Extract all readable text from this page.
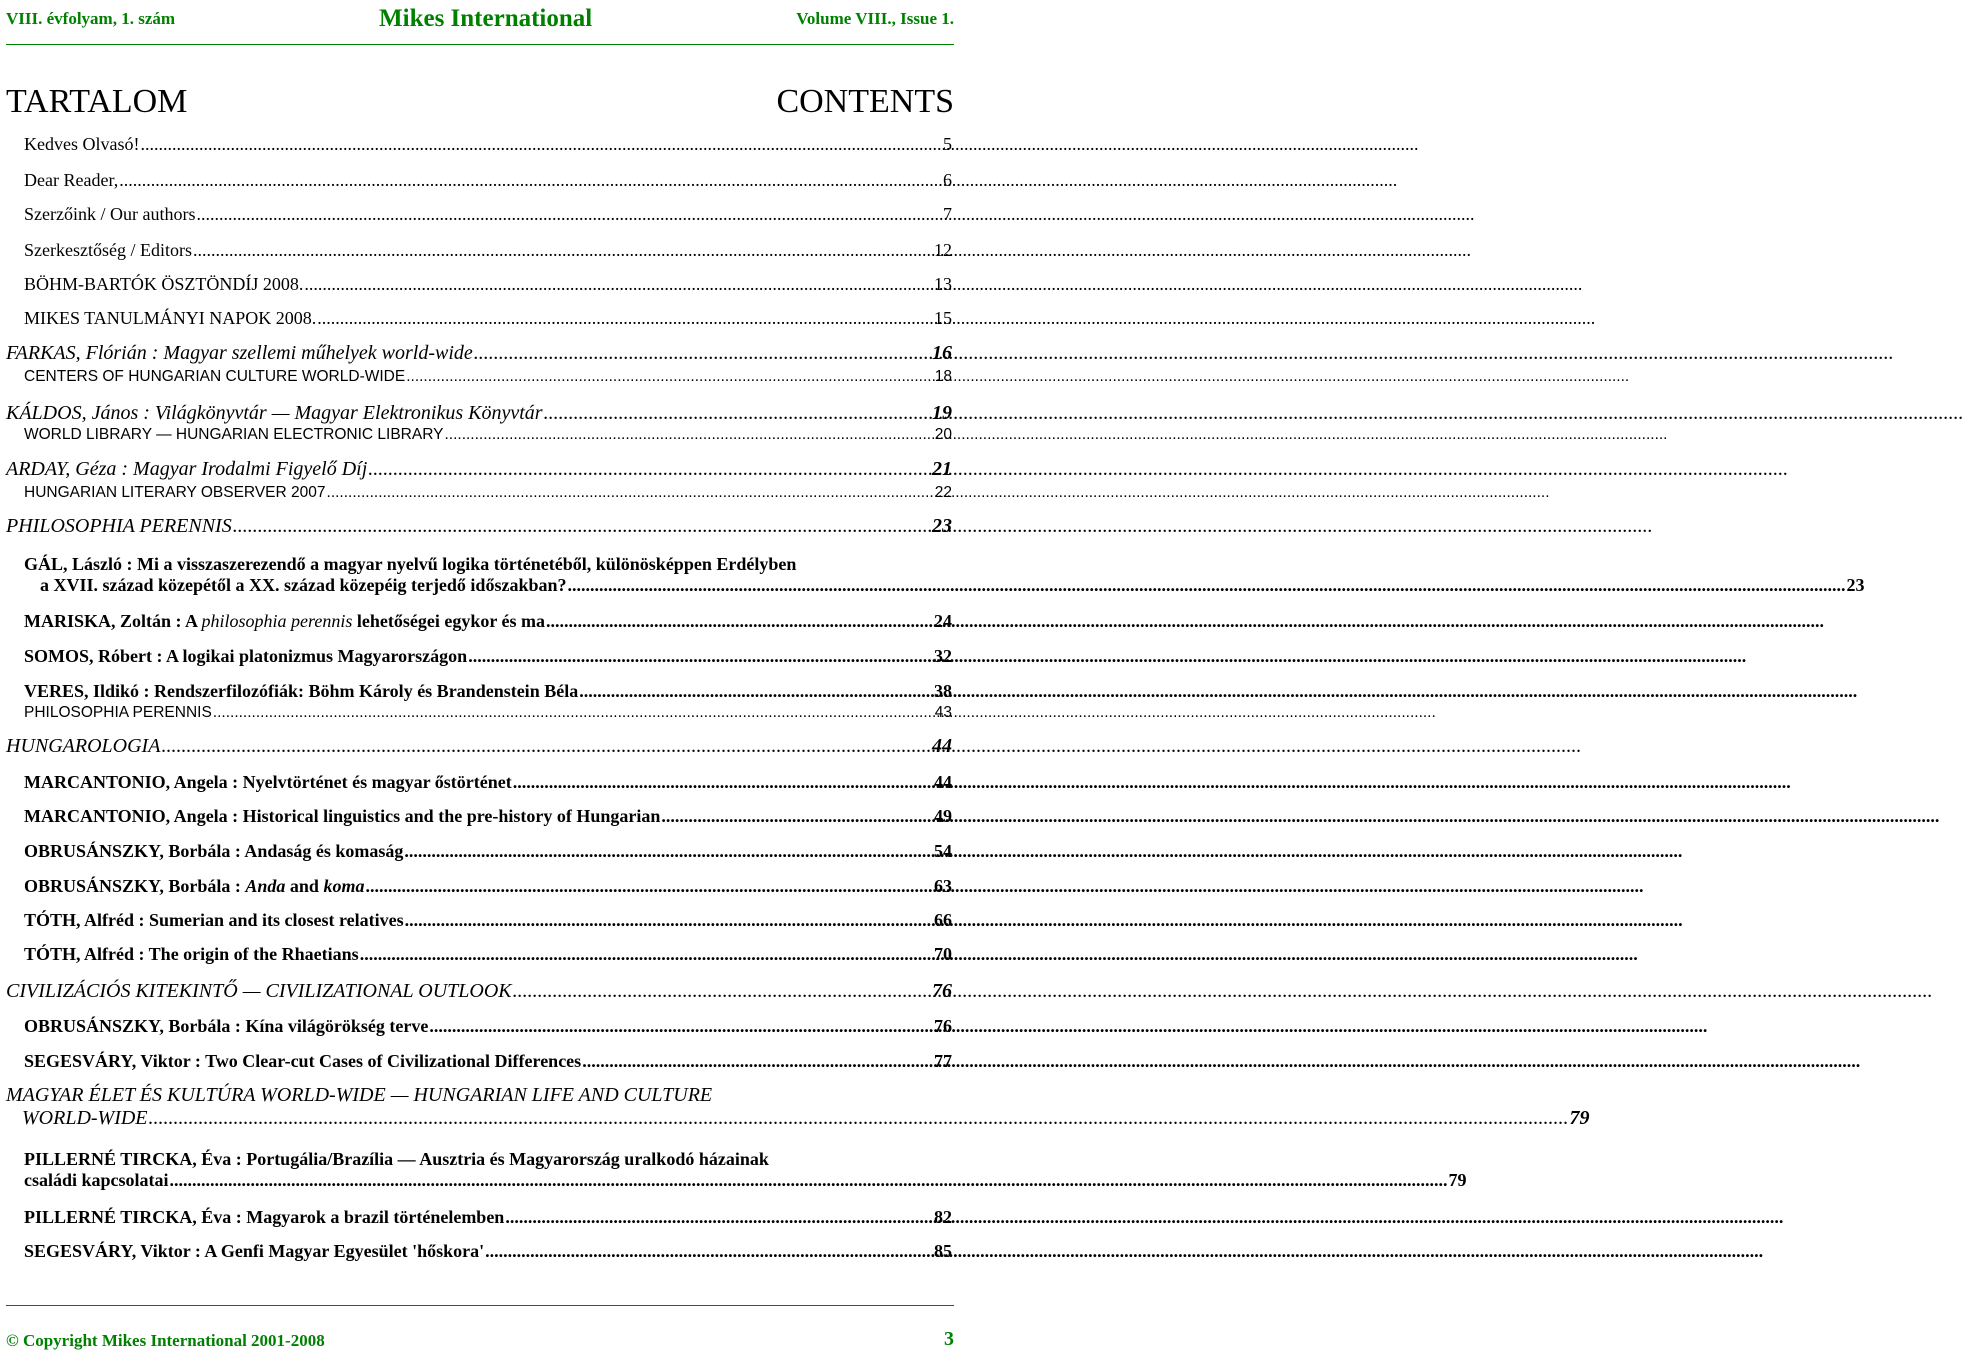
VIII. évfolyam, 1. szám	Mikes International	Volume VIII., Issue 1.
TARTALOM	CONTENTS
Kedves Olvasó! .....	5
Dear Reader, .....	6
Szerzőink / Our authors .....	7
Szerkesztőség / Editors .....	12
BÖHM-BARTÓK ÖSZTÖNDÍJ 2008. .....	13
MIKES TANULMÁNYI NAPOK 2008. .....	15
FARKAS, Flórián : Magyar szellemi műhelyek world-wide .....	16
CENTERS OF HUNGARIAN CULTURE WORLD-WIDE .....	18
KÁLDOS, János : Világkönyvtár — Magyar Elektronikus Könyvtár .....	19
WORLD LIBRARY — HUNGARIAN ELECTRONIC LIBRARY .....	20
ARDAY, Géza : Magyar Irodalmi Figyelő Díj .....	21
HUNGARIAN LITERARY OBSERVER 2007 .....	22
PHILOSOPHIA PERENNIS .....	23
GÁL, László : Mi a visszaszerezendő a magyar nyelvű logika történetéből, különösképpen Erdélyben
a XVII. század közepétől a XX. század közepéig terjedő időszakban? .....	23
MARISKA, Zoltán : A philosophia perennis lehetőségei egykor és ma .....	24
SOMOS, Róbert : A logikai platonizmus Magyarországon .....	32
VERES, Ildikó : Rendszerfilozófiák: Böhm Károly és Brandenstein Béla .....	38
PHILOSOPHIA PERENNIS .....	43
HUNGAROLOGIA .....	44
MARCANTONIO, Angela : Nyelvtörténet és magyar őstörténet .....	44
MARCANTONIO, Angela : Historical linguistics and the pre-history of Hungarian .....	49
OBRUSÁNSZKY, Borbála : Andaság és komaság .....	54
OBRUSÁNSZKY, Borbála : Anda and koma .....	63
TÓTH, Alfréd : Sumerian and its closest relatives .....	66
TÓTH, Alfréd : The origin of the Rhaetians .....	70
CIVILIZÁCIÓS KITEKINTŐ — CIVILIZATIONAL OUTLOOK .....	76
OBRUSÁNSZKY, Borbála : Kína világörökség terve .....	76
SEGESVÁRY, Viktor : Two Clear-cut Cases of Civilizational Differences .....	77
MAGYAR ÉLET ÉS KULTÚRA WORLD-WIDE — HUNGARIAN LIFE AND CULTURE
WORLD-WIDE .....	79
PILLERNÉ TIRCKA, Éva : Portugália/Brazília — Ausztria és Magyarország uralkodó házainak
családi kapcsolatai .....	79
PILLERNÉ TIRCKA, Éva : Magyarok a brazil történelemben .....	82
SEGESVÁRY, Viktor : A Genfi Magyar Egyesület 'hőskora' .....	85
© Copyright Mikes International 2001-2008	3
